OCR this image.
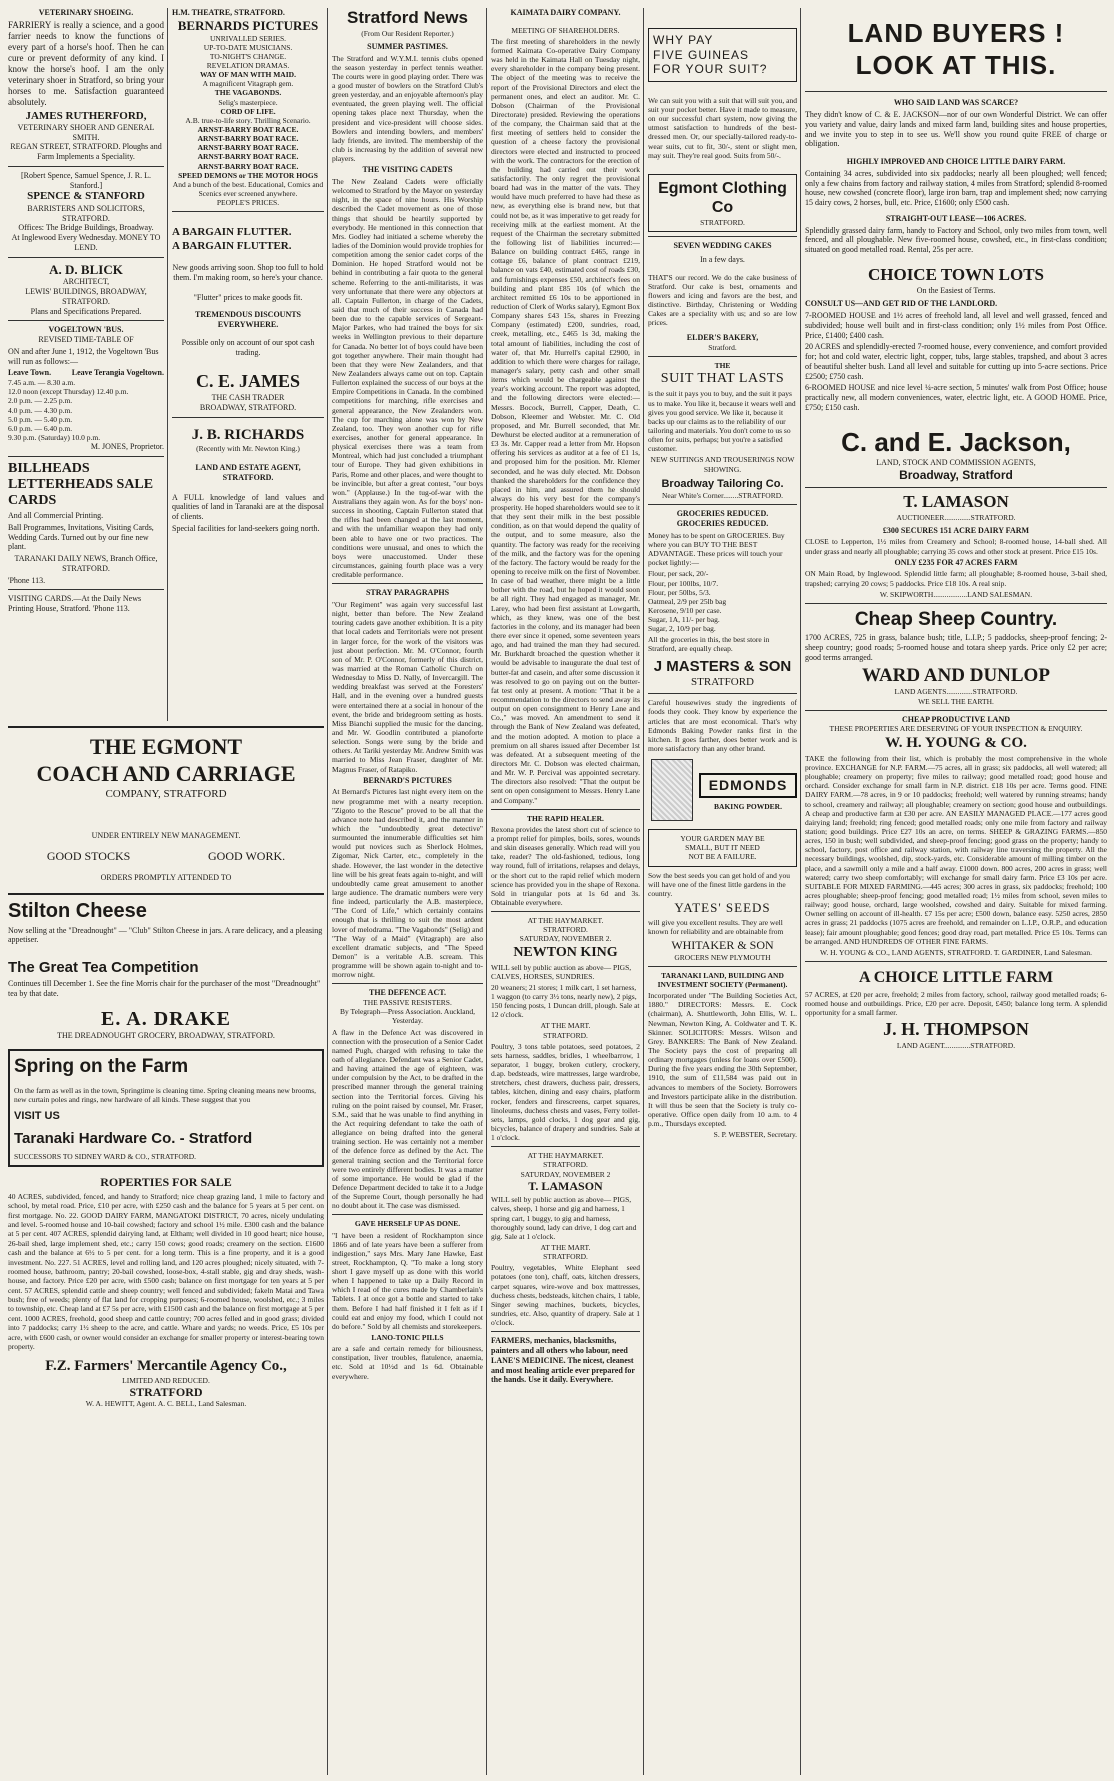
VETERINARY SHOEING.

FARRIERY is really a science, and a good farrier needs to know the functions of every part of a horse's hoof. Then he can cure or prevent deformity of any kind. I know the horse's hoof. I am the only veterinary shoer in Stratford, so bring your horses to me. Satisfaction guaranteed absolutely.

JAMES RUTHERFORD,
VETERINARY SHOER AND GENERAL SMITH.
REGAN STREET, STRATFORD. Ploughs and Farm Implements a Speciality.
[Robert Spence, Samuel Spence, J. R. L. Stanford.]
SPENCE & STANFORD
BARRISTERS AND SOLICITORS, STRATFORD.
Offices: The Bridge Buildings, Broadway.
At Inglewood Every Wednesday. MONEY TO LEND.
A. D. BLICK
ARCHITECT,
LEWIS' BUILDINGS, BROADWAY, STRATFORD.
Plans and Specifications Prepared.
VOGELTOWN 'BUS.
REVISED TIME-TABLE OF

ON and after June 1, 1912, the Vogeltown 'Bus will run as follows:—

Leave Town.	Leave Terangia Vogeltown.
7.45 a.m. — 8.30 a.m.
12.0 noon (except Thursday) 12.40 p.m.
2.0 p.m. — 2.25 p.m.
4.0 p.m. — 4.30 p.m.
5.0 p.m. — 5.40 p.m.
6.0 p.m. — 6.40 p.m.
9.30 p.m. (Saturday) 10.0 p.m.
M. JONES, Proprietor.
BILLHEADS LETTERHEADS SALE CARDS

And all Commercial Printing.

Ball Programmes, Invitations, Visiting Cards, Wedding Cards. Turned out by our fine new plant.

TARANAKI DAILY NEWS, Branch Office, STRATFORD.

'Phone 113.

VISITING CARDS.—At the Daily News Printing House, Stratford. 'Phone 113.

H.M. THEATRE, STRATFORD.
BERNARDS PICTURES
UNRIVALLED SERIES.
UP-TO-DATE MUSICIANS.
TO-NIGHT'S CHANGE.
REVELATION DRAMAS.
WAY OF MAN WITH MAID.
A magnificent Vitagraph gem.
THE VAGABONDS.
Selig's masterpiece.
CORD OF LIFE.
A.B. true-to-life story. Thrilling Scenario.
ARNST-BARRY BOAT RACE.
ARNST-BARRY BOAT RACE.
ARNST-BARRY BOAT RACE.
ARNST-BARRY BOAT RACE.
ARNST-BARRY BOAT RACE.
SPEED DEMONS or THE MOTOR HOGS
And a bunch of the best. Educational, Comics and Scenics ever screened anywhere.
PEOPLE'S PRICES.
A BARGAIN FLUTTER.
A BARGAIN FLUTTER.

New goods arriving soon. Shop too full to hold them. I'm making room, so here's your chance.

"Flutter" prices to make goods fit.

TREMENDOUS DISCOUNTS EVERYWHERE.

Possible only on account of our spot cash trading.

C. E. JAMES
THE CASH TRADER
BROADWAY, STRATFORD.
J. B. RICHARDS
(Recently with Mr. Newton King.)
LAND AND ESTATE AGENT, STRATFORD.

A FULL knowledge of land values and qualities of land in Taranaki are at the disposal of clients.

Special facilities for land-seekers going north.

THE EGMONT
COACH AND CARRIAGE
COMPANY, STRATFORD
UNDER ENTIRELY NEW MANAGEMENT.
GOOD STOCKS	GOOD WORK.
ORDERS PROMPTLY ATTENDED TO
Stilton Cheese

Now selling at the "Dreadnought" — "Club" Stilton Cheese in jars. A rare delicacy, and a pleasing appetiser.

The Great Tea Competition

Continues till December 1. See the fine Morris chair for the purchaser of the most "Dreadnought" tea by that date.

E. A. DRAKE
THE DREADNOUGHT GROCERY, BROADWAY, STRATFORD.
Spring on the Farm

On the farm as well as in the town, Springtime is cleaning time. Spring cleaning means new brooms, new curtain poles and rings, new hardware of all kinds. These suggest that you

VISIT US
Taranaki Hardware Co. - Stratford
SUCCESSORS TO SIDNEY WARD & CO., STRATFORD.
ROPERTIES FOR SALE

40 ACRES, subdivided, fenced, and handy to Stratford; nice cheap grazing land, 1 mile to factory and school, by metal road. Price, £10 per acre, with £250 cash and the balance for 5 years at 5 per cent. on first mortgage. No. 22. GOOD DAIRY FARM, MANGATOKI DISTRICT, 70 acres, nicely undulating and level. 5-roomed house and 10-bail cowshed; factory and school 1½ mile. £300 cash and the balance at 5 per cent. 407 ACRES, splendid dairying land, at Eltham; well divided in 10 good heart; nice house, 26-bail shed, large implement shed, etc.; carry 150 cows; good roads; creamery on the section. £1600 cash and the balance at 6½ to 5 per cent. for a long term. This is a fine property, and it is a good investment. No. 227. 51 ACRES, level and rolling land, and 120 acres ploughed; nicely situated, with 7-roomed house, bathroom, pantry; 20-bail cowshed, loose-box, 4-stall stable, gig and dray sheds, wash-house, and factory. Price £20 per acre, with £500 cash; balance on first mortgage for ten years at 5 per cent. 57 ACRES, splendid cattle and sheep country; well fenced and subdivided; fakeln Matai and Tawa bush; free of weeds; plenty of flat land for cropping purposes; 6-roomed house, woolshed, etc.; 3 miles to township, etc. Cheap land at £7 5s per acre, with £1500 cash and the balance on first mortgage at 5 per cent. 1000 ACRES, freehold, good sheep and cattle country; 700 acres felled and in good grass; divided into 7 paddocks; carry 1½ sheep to the acre, and cattle. Whare and yards; no weeds. Price, £5 10s per acre, with £600 cash, or owner would consider an exchange for smaller property or interest-bearing town property.

F.Z. Farmers' Mercantile Agency Co.,
LIMITED AND REDUCED.
STRATFORD
W. A. HEWITT, Agent. A. C. BELL, Land Salesman.
Stratford News
(From Our Resident Reporter.)
SUMMER PASTIMES.

The Stratford and W.Y.M.I. tennis clubs opened the season yesterday in perfect tennis weather. The courts were in good playing order. There was a good muster of bowlers on the Stratford Club's green yesterday, and an enjoyable afternoon's play eventuated, the green playing well. The official opening takes place next Thursday, when the president and vice-president will choose sides. Bowlers and intending bowlers, and members' lady friends, are invited. The membership of the club is increasing by the addition of several new players.

THE VISITING CADETS

The New Zealand Cadets were officially welcomed to Stratford by the Mayor on yesterday night, in the space of nine hours. His Worship described the Cadet movement as one of those things that should be heartily supported by everybody. He mentioned in this connection that Mrs. Godley had initiated a scheme whereby the ladies of the Dominion would provide trophies for competition among the senior cadet corps of the Dominion. He hoped Stratford would not be behind in contributing a fair quota to the general scheme. Referring to the anti-militarists, it was very unfortunate that there were any objectors at all. Captain Fullerton, in charge of the Cadets, said that much of their success in Canada had been due to the capable services of Sergeant-Major Parkes, who had trained the boys for six weeks in Wellington previous to their departure for Canada. No better lot of boys could have been got together anywhere. Their main thought had been that they were New Zealanders, and that New Zealanders always came out on top. Captain Fullerton explained the success of our boys at the Empire Competitions in Canada. In the combined competitions for marching, rifle exercises and general appearance, the New Zealanders won. The cup for marching alone was won by New Zealand, too. They won another cup for rifle exercises, another for general appearance. In physical exercises there was a team from Montreal, which had just concluded a triumphant tour of Europe. They had given exhibitions in Paris, Rome and other places, and were thought to be invincible, but after a great contest, "our boys won." (Applause.) In the tug-of-war with the Australians they again won. As for the boys' non-success in shooting, Captain Fullerton stated that the rifles had been changed at the last moment, and with the unfamiliar weapon they had only been able to have one or two practices. The conditions were unusual, and ones to which the boys were unaccustomed. Under these circumstances, gaining fourth place was a very creditable performance.

STRAY PARAGRAPHS

"Our Regiment" was again very successful last night, better than before. The New Zealand touring cadets gave another exhibition. It is a pity that local cadets and Territorials were not present in larger force, for the work of the visitors was just about perfection. Mr. M. O'Connor, fourth son of Mr. P. O'Connor, formerly of this district, was married at the Roman Catholic Church on Wednesday to Miss D. Nally, of Invercargill. The wedding breakfast was served at the Foresters' Hall, and in the evening over a hundred guests were entertained there at a social in honour of the event, the bride and bridegroom setting as hosts. Miss Bianchi supplied the music for the dancing, and Mr. W. Goodlin contributed a pianoforte selection. Songs were sung by the bride and others. At Tariki yesterday Mr. Andrew Smith was married to Miss Jean Fraser, daughter of Mr. Magnus Fraser, of Ratapiko.

BERNARD'S PICTURES

At Bernard's Pictures last night every item on the new programme met with a nearty reception. "Zigoto to the Rescue" proved to be all that the advance note had described it, and the manner in which the "undoubtedly great detective" surmounted the innumerable difficulties set him would put novices such as Sherlock Holmes, Zigomar, Nick Carter, etc., completely in the shade. However, the last wonder in the detective line will be his great feats again to-night, and will undoubtedly came great amusement to another large audience. The dramatic numbers were very fine indeed, particularly the A.B. masterpiece, "The Cord of Life," which certainly contains enough that is thrilling to suit the most ardent lover of melodrama. "The Vagabonds" (Selig) and "The Way of a Maid" (Vitagraph) are also excellent dramatic subjects, and "The Speed Demon" is a veritable A.B. scream. This programme will be shown again to-night and to-morrow night.

THE DEFENCE ACT.
THE PASSIVE RESISTERS.
By Telegraph—Press Association. Auckland, Yesterday.

A flaw in the Defence Act was discovered in connection with the prosecution of a Senior Cadet named Pugh, charged with refusing to take the oath of allegiance. Defendant was a Senior Cadet, and having attained the age of eighteen, was under compulsion by the Act, to be drafted in the prescribed manner through the general training section into the Territorial forces. Giving his ruling on the point raised by counsel, Mr. Fraser, S.M., said that he was unable to find anything in the Act requiring defendant to take the oath of allegiance on being drafted into the general training section. He was certainly not a member of the defence force as defined by the Act. The general training section and the Territorial force were two entirely different bodies. It was a matter of some importance. He would be glad if the Defence Department decided to take it to a Judge of the Supreme Court, though personally he had no doubt about it. The case was dismissed.

GAVE HERSELF UP AS DONE.

"I have been a resident of Rockhampton since 1866 and of late years have been a sufferer from indigestion," says Mrs. Mary Jane Hawke, East street, Rockhampton, Q. "To make a long story short I gave myself up as done with this world when I happened to take up a Daily Record in which I read of the cures made by Chamberlain's Tablets. I at once got a bottle and started to take them. Before I had half finished it I felt as if I could eat and enjoy my food, which I could not do before." Sold by all chemists and storekeepers.

LANO-TONIC PILLS

are a safe and certain remedy for biliousness, constipation, liver troubles, flatulence, anaemia, etc. Sold at 10½d and 1s 6d. Obtainable everywhere.

KAIMATA DAIRY COMPANY.
MEETING OF SHAREHOLDERS.

The first meeting of shareholders in the newly formed Kaimata Co-operative Dairy Company was held in the Kaimata Hall on Tuesday night, every shareholder in the company being present. The object of the meeting was to receive the report of the Provisional Directors and elect the permanent ones, and elect an auditor. Mr. C. Dobson (Chairman of the Provisional Directorate) presided. Reviewing the operations of the company, the Chairman said that at the first meeting of settlers held to consider the question of a cheese factory the provisional directors were elected and instructed to proceed with the work. The contractors for the erection of the building had carried out their work satisfactorily. The only regret the provisional board had was in the matter of the vats. They would have much preferred to have had these as new, as everything else is brand new, but that could not be, as it was imperative to get ready for receiving milk at the earliest moment. At the request of the Chairman the secretary submitted the following list of liabilities incurred:—Balance on building contract £465, range in cottage £6, balance of plant contract £219, balance on vats £40, estimated cost of roads £30, and furnishings expenses £50, architect's fees on building and plant £85 10s (of which the architect remitted £6 10s to be apportioned in reduction of Clerk of Works salary), Egmont Box Company shares £43 15s, shares in Freezing Company (estimated) £200, sundries, road, creek, metalling, etc., £465 1s 3d, making the total amount of liabilities, including the cost of water of, that Mr. Hurrell's capital £2900, in addition to which there were charges for railage, manager's salary, petty cash and other small items which would be chargeable against the year's working account. The report was adopted, and the following directors were elected:—Messrs. Bocock, Burrell, Capper, Death, C. Dobson, Kleemer and Webster. Mr. C. Old proposed, and Mr. Burrell seconded, that Mr. Dewhurst be elected auditor at a remuneration of £3 3s. Mr. Capper read a letter from Mr. Hopson offering his services as auditor at a fee of £1 1s, and proposed him for the position. Mr. Klemer seconded, and he was duly elected. Mr. Dobson thanked the shareholders for the confidence they placed in him, and assured them he should always do his very best for the company's prosperity. He hoped shareholders would see to it that they sent their milk in the best possible condition, as on that would depend the quality of the output, and to some measure, also the quantity. The factory was ready for the receiving of the milk, and the factory was for the opening of the factory. The factory would be ready for the opening to receive milk on the first of November. In case of bad weather, there might be a little bother with the road, but he hoped it would soon be all right. They had engaged as manager, Mr. Larey, who had been first assistant at Lowgarth, which, as they knew, was one of the best factories in the colony, and its manager had been there ever since it opened, some seventeen years ago, and had trained the man they had secured. Mr. Burkhardt broached the question whether it would be advisable to inaugurate the dual test of butter-fat and casein, and after some discussion it was resolved to go on paying out on the butter-fat test only at present. A motion: "That it be a recommendation to the directors to send away its output on open consignment to Henry Lane and Co.," was moved. An amendment to send it through the Bank of New Zealand was defeated, and the motion adopted. A motion to place a premium on all shares issued after December 1st was defeated. At a subsequent meeting of the directors Mr. C. Dobson was elected chairman, and Mr. W. P. Percival was appointed secretary. The directors also resolved: "That the output be sent on open consignment to Messrs. Henry Lane and Company."

THE RAPID HEALER.

Rexona provides the latest short cut of science to a prompt relief for pimples, boils, sores, wounds and skin diseases generally. Which read will you take, reader? The old-fashioned, tedious, long way round, full of irritations, relapses and delays, or the short cut to the rapid relief which modern science has provided you in the shape of Rexona. Sold in triangular pots at 1s 6d and 3s. Obtainable everywhere.

AT THE HAYMARKET.
STRATFORD.
SATURDAY, NOVEMBER 2.
NEWTON KING

WILL sell by public auction as above— PIGS, CALVES, HORSES, SUNDRIES.

20 weaners; 21 stores; 1 milk cart, 1 set harness, 1 waggon (to carry 3½ tons, nearly new), 2 pigs, 150 fencing posts, 1 Duncan drill, plough. Sale at 12 o'clock.

AT THE MART.
STRATFORD.

Poultry, 3 tons table potatoes, seed potatoes, 2 sets harness, saddles, bridles, 1 wheelbarrow, 1 separator, 1 buggy, broken cutlery, crockery, d.ap. bedsteads, wire mattresses, large wardrobe, stretchers, chest drawers, duchess pair, dressers, tables, kitchen, dining and easy chairs, platform rocker, fenders and firescreens, carpet squares, linoleums, duchess chests and vases, Ferry toilet-sets, lamps, gold clocks, 1 dog gear and gig, bicycles, balance of drapery and sundries. Sale at 1 o'clock.

AT THE HAYMARKET.
STRATFORD.
SATURDAY, NOVEMBER 2
T. LAMASON

WILL sell by public auction as above— PIGS, calves, sheep, 1 horse and gig and harness, 1 spring cart, 1 buggy, to gig and harness, thoroughly sound, lady can drive, 1 dog cart and gig. Sale at 1 o'clock.

AT THE MART.
STRATFORD.

Poultry, vegetables, White Elephant seed potatoes (one ton), chaff, oats, kitchen dressers, carpet squares, wire-wove and box mattresses, duchess chests, bedsteads, kitchen chairs, 1 table, Singer sewing machines, buckets, bicycles, sundries, etc. Also, quantity of drapery. Sale at 1 o'clock.

FARMERS, mechanics, blacksmiths, painters and all others who labour, need LANE'S MEDICINE. The nicest, cleanest and most healing article ever prepared for the hands. Use it daily. Everywhere.

WHY PAY
FIVE GUINEAS
FOR YOUR SUIT?

We can suit you with a suit that will suit you, and suit your pocket better. Have it made to measure, on our successful chart system, now giving the utmost satisfaction to hundreds of the best-dressed men. Or, our specially-tailored ready-to-wear suits, cut to fit, 30/-, stent or slight men, may suit. They're real good. Suits from 50/-.

Egmont Clothing Co
STRATFORD.
SEVEN WEDDING CAKES
In a few days.

THAT'S our record. We do the cake business of Stratford. Our cake is best, ornaments and flowers and icing and favors are the best, and distinctive. Birthday, Christening or Wedding Cakes are a speciality with us; and so are low prices.

ELDER'S BAKERY,
Stratford.
THE
SUIT THAT LASTS

is the suit it pays you to buy, and the suit it pays us to make. You like it, because it wears well and gives you good service. We like it, because it backs up our claims as to the reliability of our tailoring and materials. You don't come to us so often for suits, perhaps; but you're a satisfied customer.

NEW SUITINGS AND TROUSERINGS NOW SHOWING.

Broadway Tailoring Co.
Near White's Corner........STRATFORD.
GROCERIES REDUCED.
GROCERIES REDUCED.

Money has to be spent on GROCERIES. Buy where you can BUY TO THE BEST ADVANTAGE. These prices will touch your pocket lightly:—

Flour, per sack, 20/-
Flour, per 100lbs, 10/7.
Flour, per 50lbs, 5/3.
Oatmeal, 2/9 per 25lb bag
Kerosene, 9/10 per case.
Sugar, 1A, 11/- per bag.
Sugar, 2, 10/9 per bag.

All the groceries in this, the best store in Stratford, are equally cheap.

J MASTERS & SON
STRATFORD

Careful housewives study the ingredients of foods they cook. They know by experience the articles that are most economical. That's why Edmonds Baking Powder ranks first in the kitchen. It goes farther, does better work and is more satisfactory than any other brand.

EDMONDS
BAKING POWDER.
YOUR GARDEN MAY BE
SMALL, BUT IT NEED
NOT BE A FAILURE.

Sow the best seeds you can get hold of and you will have one of the finest little gardens in the country.

YATES' SEEDS

will give you excellent results. They are well known for reliability and are obtainable from

WHITAKER & SON
GROCERS NEW PLYMOUTH
TARANAKI LAND, BUILDING AND INVESTMENT SOCIETY (Permanent).

Incorporated under "The Building Societies Act, 1880." DIRECTORS: Messrs. E. Cock (chairman), A. Shuttleworth, John Ellis, W. L. Newman, Newton King, A. Coldwater and T. K. Skinner. SOLICITORS: Messrs. Wilson and Grey. BANKERS: The Bank of New Zealand. The Society pays the cost of preparing all ordinary mortgages (unless for loans over £500). During the five years ending the 30th September, 1910, the sum of £11,584 was paid out in advances to members of the Society. Borrowers and Investors participate alike in the distribution. It will thus be seen that the Society is truly co-operative. Office open daily from 10 a.m. to 4 p.m., Thursdays excepted.

S. P. WEBSTER, Secretary.
LAND BUYERS !
LOOK AT THIS.
WHO SAID LAND WAS SCARCE?

They didn't know of C. & E. JACKSON—nor of our own Wonderful District. We can offer you variety and value, dairy lands and mixed farm land, building sites and house properties, and we invite you to step in to see us. We'll show you round quite FREE of charge or obligation.

HIGHLY IMPROVED AND CHOICE LITTLE DAIRY FARM.

Containing 34 acres, subdivided into six paddocks; nearly all been ploughed; well fenced; only a few chains from factory and railway station, 4 miles from Stratford; splendid 8-roomed house, new cowshed (concrete floor), large iron barn, trap and implement shed; now carrying 15 dairy cows, 2 horses, bull, etc. Price, £1600; only £500 cash.

STRAIGHT-OUT LEASE—106 ACRES.

Splendidly grassed dairy farm, handy to Factory and School, only two miles from town, well fenced, and all ploughable. New five-roomed house, cowshed, etc., in first-class condition; situated on good metalled road. Rental, 25s per acre.

CHOICE TOWN LOTS
On the Easiest of Terms.
CONSULT US—AND GET RID OF THE LANDLORD.

7-ROOMED HOUSE and 1½ acres of freehold land, all level and well grassed, fenced and subdivided; house well built and in first-class condition; only 1½ miles from Post Office. Price, £1400; £400 cash.

20 ACRES and splendidly-erected 7-roomed house, every convenience, and comfort provided for; hot and cold water, electric light, copper, tubs, large stables, trapshed, and about 3 acres of beautiful shelter bush. Land all level and suitable for cutting up into 5-acre sections. Price £2500; £750 cash.

6-ROOMED HOUSE and nice level ¼-acre section, 5 minutes' walk from Post Office; house practically new, all modern conveniences, water, electric light, etc. A GOOD HOME. Price, £750; £150 cash.

C. and E. Jackson,
LAND, STOCK AND COMMISSION AGENTS,
Broadway, Stratford
T. LAMASON
AUCTIONEER..............STRATFORD.
£300 SECURES 151 ACRE DAIRY FARM

CLOSE to Lepperton, 1½ miles from Creamery and School; 8-roomed house, 14-ball shed. All under grass and nearly all ploughable; carrying 35 cows and other stock at present. Price £15 10s.

ONLY £235 FOR 47 ACRES FARM

ON Main Road, by Inglewood. Splendid little farm; all ploughable; 8-roomed house, 3-bail shed, trapshed; carrying 20 cows; 5 paddocks. Price £18 10s. A real snip.

W. SKIPWORTH..................LAND SALESMAN.
Cheap Sheep Country.

1700 ACRES, 725 in grass, balance bush; title, L.I.P.; 5 paddocks, sheep-proof fencing; 2-sheep country; good roads; 5-roomed house and totara sheep yards. Price only £2 per acre; good terms arranged.

WARD AND DUNLOP
LAND AGENTS..............STRATFORD.
WE SELL THE EARTH.
CHEAP PRODUCTIVE LAND
THESE PROPERTIES ARE DESERVING OF YOUR INSPECTION & ENQUIRY.
W. H. YOUNG & CO.

TAKE the following from their list, which is probably the most comprehensive in the whole province. EXCHANGE for N.P. FARM.—75 acres, all in grass; six paddocks, all well watered; all ploughable; creamery on property; five miles to railway; good metalled road; good house and orchard. Consider exchange for small farm in N.P. district. £18 10s per acre. Terms good. FINE DAIRY FARM.—78 acres, in 9 or 10 paddocks; freehold; well watered by running streams; handy to school, creamery and railway; all ploughable; creamery on section; good house and outbuildings. A cheap and productive farm at £30 per acre. AN EASILY MANAGED PLACE.—177 acres good dairying land; freehold; ring fenced; good metalled roads; only one mile from factory and railway station; good buildings. Price £27 10s an acre, on terms. SHEEP & GRAZING FARMS.—850 acres, 150 in bush; well subdivided, and sheep-proof fencing; good grass on the property; handy to school, factory, post office and railway station, with railway line traversing the property. All the necessary buildings, woolshed, dip, stock-yards, etc. Considerable amount of milling timber on the place, and a sawmill only a mile and a half away. £1000 down. 800 acres, 200 acres in grass; well watered; carry two sheep comfortably; will exchange for small dairy farm. Price £3 10s per acre. SUITABLE FOR MIXED FARMING.—445 acres; 300 acres in grass, six paddocks; freehold; 100 acres ploughable; sheep-proof fencing; good metalled road; 1½ miles from school, seven miles to railway; good house, orchard, large woolshed, cowshed and dairy. Suitable for mixed farming. Owner selling on account of ill-health. £7 15s per acre; £500 down, balance easy. 5250 acres, 2850 acres in grass; 21 paddocks (1075 acres are freehold, and remainder on L.I.P., O.R.P., and education lease); fair amount ploughable; good fences; good dray road, part metalled. Price £5 10s. Terms can be arranged. AND HUNDREDS OF OTHER FINE FARMS.

W. H. YOUNG & CO., LAND AGENTS, STRATFORD. T. GARDINER, Land Salesman.
A CHOICE LITTLE FARM

57 ACRES, at £20 per acre, freehold; 2 miles from factory, school, railway good metalled roads; 6-roomed house and outbuildings. Price, £20 per acre. Deposit, £450; balance long term. A splendid opportunity for a small farmer.

J. H. THOMPSON
LAND AGENT..............STRATFORD.
